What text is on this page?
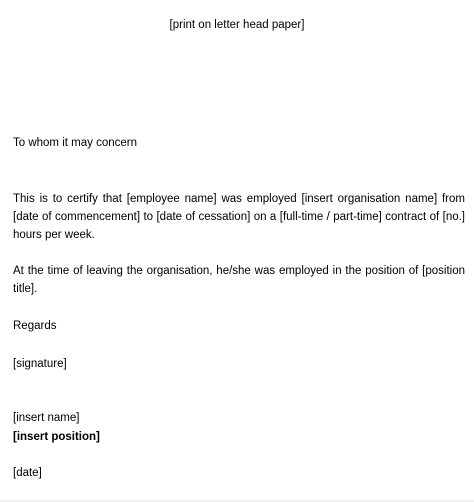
[print on letter head paper]
To whom it may concern
This is to certify that [employee name] was employed [insert organisation name] from [date of commencement] to [date of cessation] on a [full-time / part-time] contract of [no.] hours per week.
At the time of leaving the organisation, he/she was employed in the position of [position title].
Regards
[signature]
[insert name]
[insert position]
[date]
